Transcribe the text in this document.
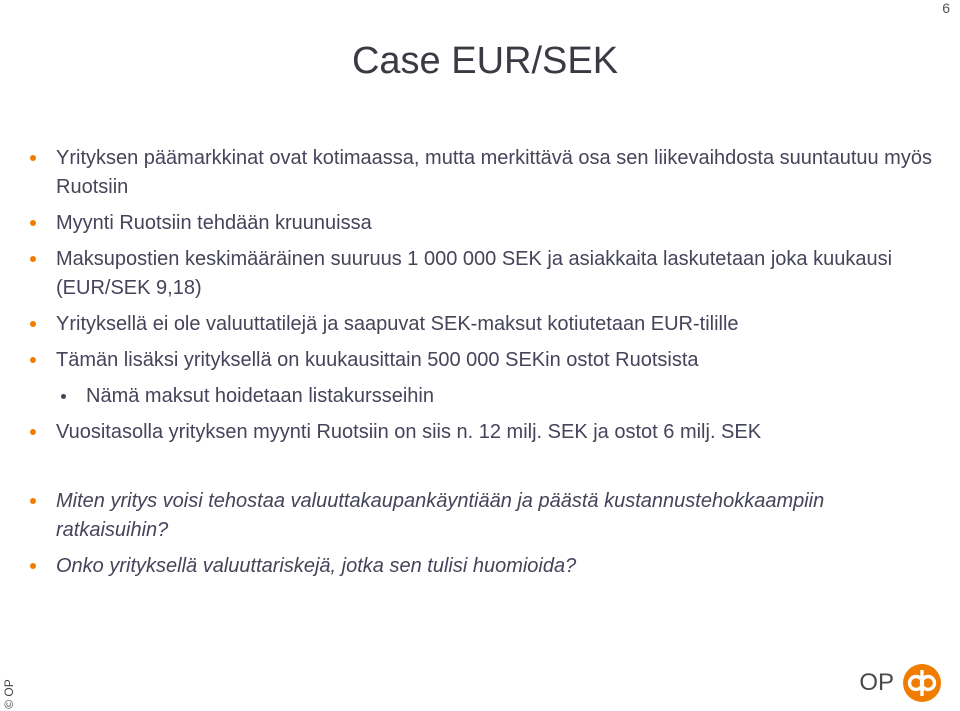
6
Case EUR/SEK
Yrityksen päämarkkinat ovat kotimaassa, mutta merkittävä osa sen liikevaihdosta suuntautuu myös Ruotsiin
Myynti Ruotsiin tehdään kruunuissa
Maksupostien keskimääräinen suuruus 1 000 000 SEK ja asiakkaita laskutetaan joka kuukausi (EUR/SEK 9,18)
Yrityksellä ei ole valuuttatilejä ja saapuvat SEK-maksut kotiutetaan EUR-tilille
Tämän lisäksi yrityksellä on kuukausittain 500 000 SEKin ostot Ruotsista
Nämä maksut hoidetaan listakursseihin
Vuositasolla yrityksen myynti Ruotsiin on siis n. 12 milj. SEK ja ostot 6 milj. SEK
Miten yritys voisi tehostaa valuuttakaupankäyntiään ja päästä kustannustehokkaampiin ratkaisuihin?
Onko yrityksellä valuuttariskejä, jotka sen tulisi huomioida?
© OP	OP
